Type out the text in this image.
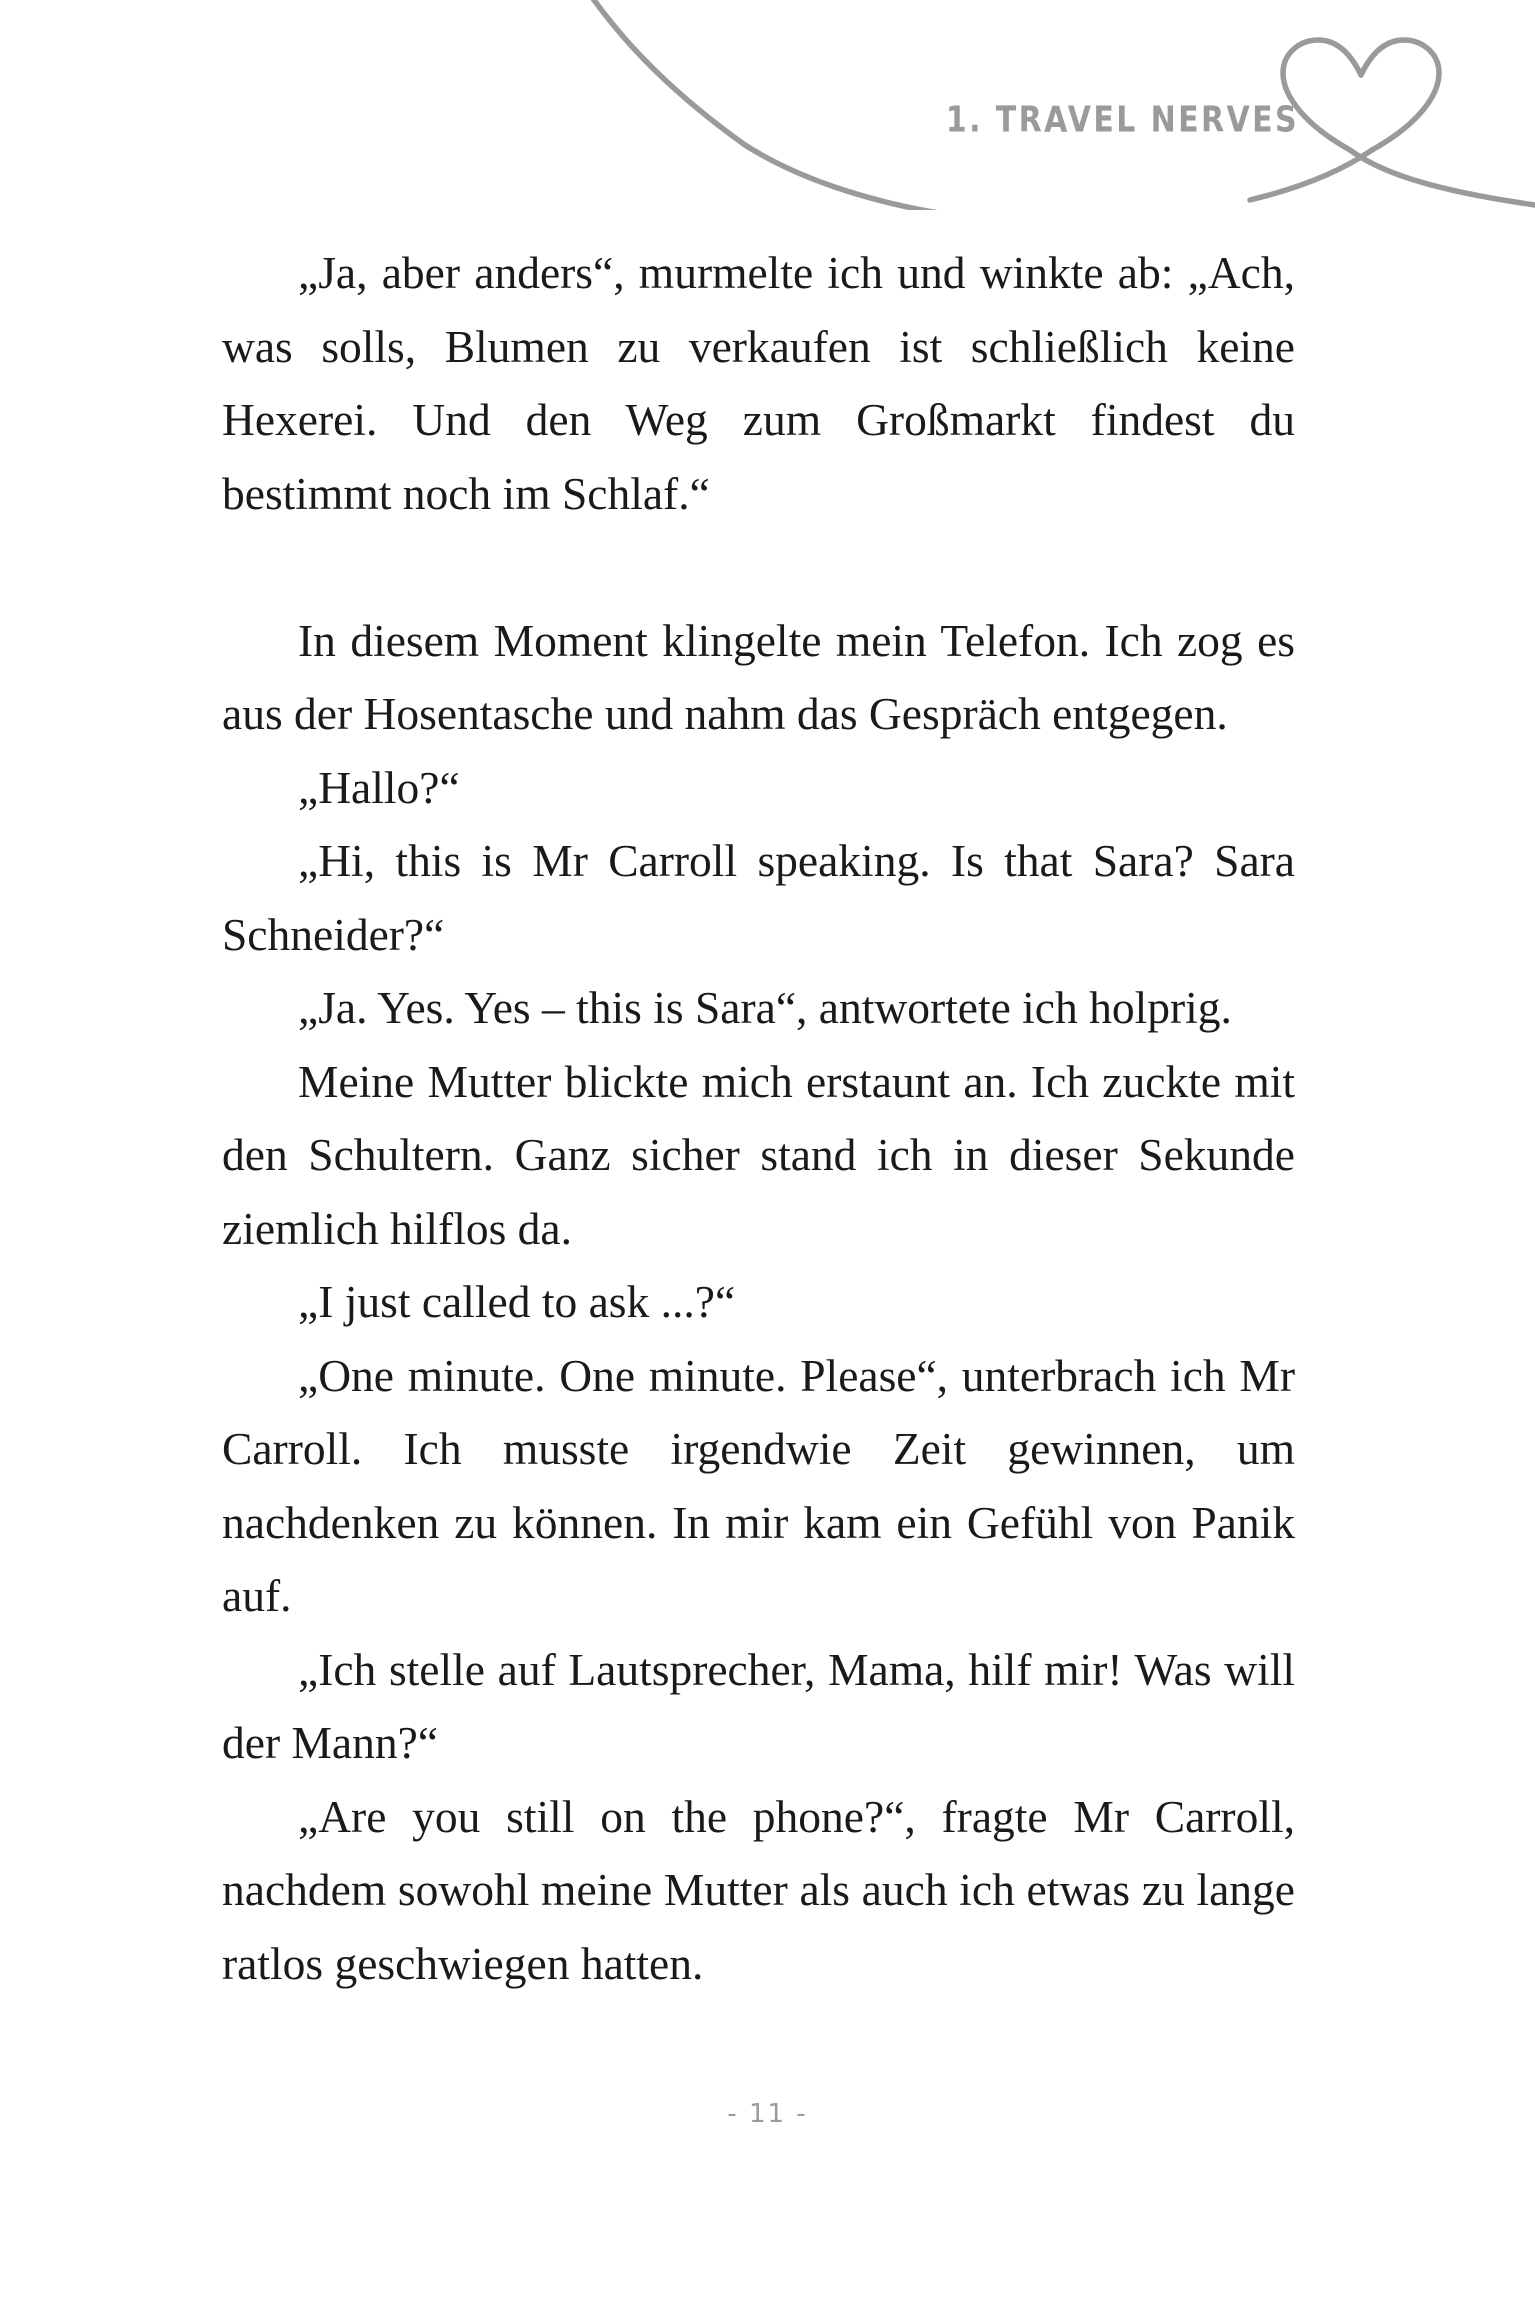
1. TRAVEL NERVES

„Ja, aber anders“, murmelte ich und winkte ab: „Ach, was solls, Blumen zu verkaufen ist schließlich keine Hexerei. Und den Weg zum Großmarkt findest du bestimmt noch im Schlaf.“

In diesem Moment klingelte mein Telefon. Ich zog es aus der Hosentasche und nahm das Gespräch entgegen.

„Hallo?“

„Hi, this is Mr Carroll speaking. Is that Sara? Sara Schneider?“

„Ja. Yes. Yes – this is Sara“, antwortete ich holprig.

Meine Mutter blickte mich erstaunt an. Ich zuckte mit den Schultern. Ganz sicher stand ich in dieser Sekunde ziemlich hilflos da.

„I just called to ask ...?“

„One minute. One minute. Please“, unterbrach ich Mr Carroll. Ich musste irgendwie Zeit gewinnen, um nachdenken zu können. In mir kam ein Gefühl von Panik auf.

„Ich stelle auf Lautsprecher, Mama, hilf mir! Was will der Mann?“

„Are you still on the phone?“, fragte Mr Carroll, nachdem sowohl meine Mutter als auch ich etwas zu lange ratlos geschwiegen hatten.

- 11 -
